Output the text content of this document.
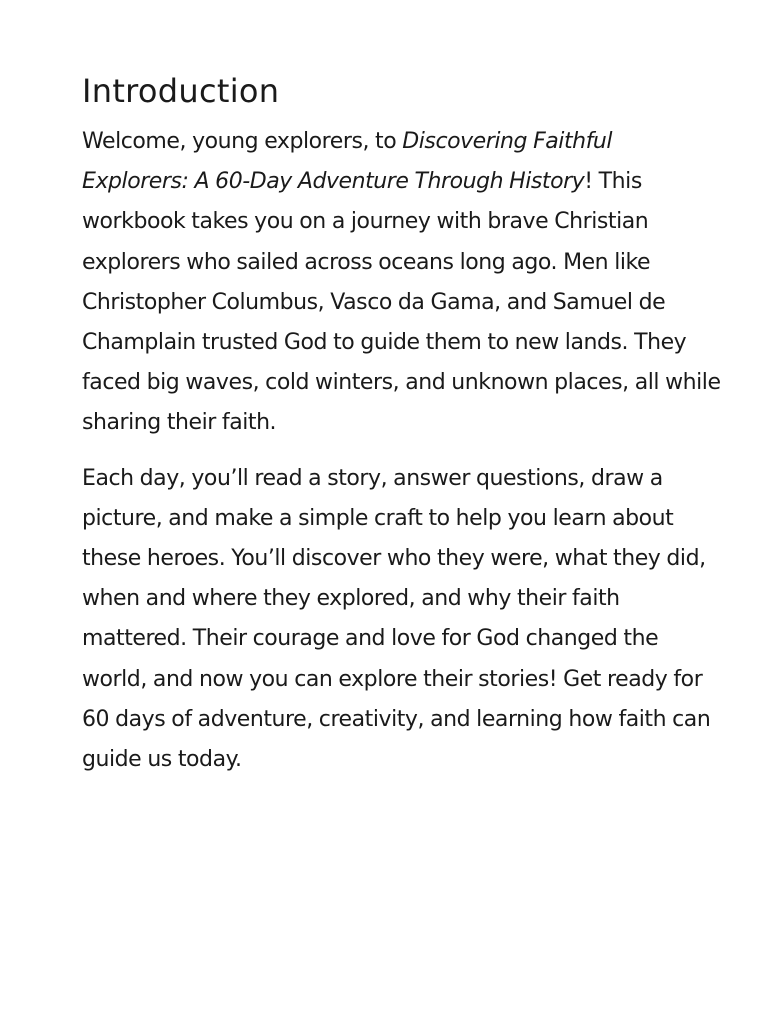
Introduction

Welcome, young explorers, to Discovering Faithful Explorers: A 60-Day Adventure Through History! This workbook takes you on a journey with brave Christian explorers who sailed across oceans long ago. Men like Christopher Columbus, Vasco da Gama, and Samuel de Champlain trusted God to guide them to new lands. They faced big waves, cold winters, and unknown places, all while sharing their faith.

Each day, you’ll read a story, answer questions, draw a picture, and make a simple craft to help you learn about these heroes. You’ll discover who they were, what they did, when and where they explored, and why their faith mattered. Their courage and love for God changed the world, and now you can explore their stories! Get ready for 60 days of adventure, creativity, and learning how faith can guide us today.
